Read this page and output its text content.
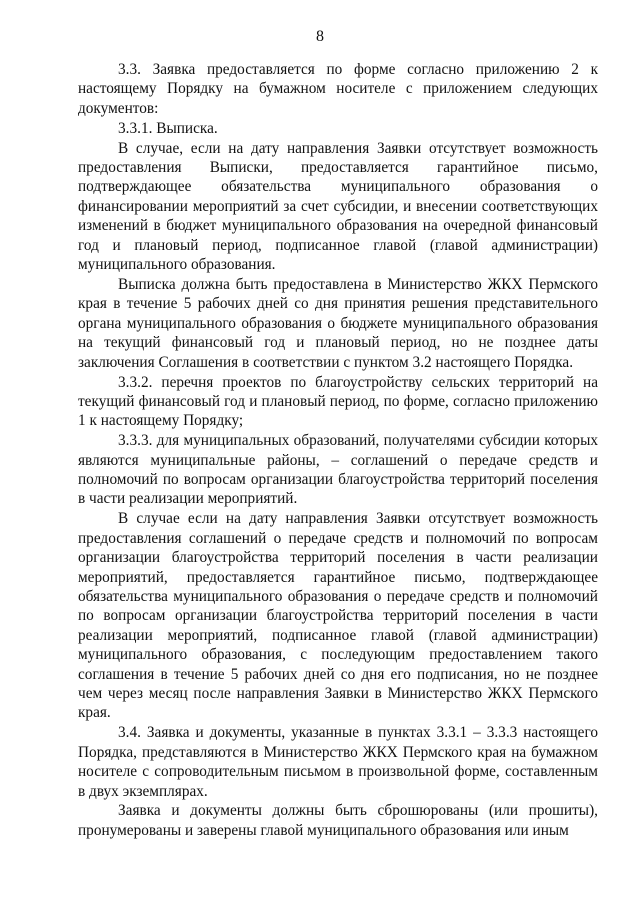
8

3.3. Заявка предоставляется по форме согласно приложению 2 к настоящему Порядку на бумажном носителе с приложением следующих документов:

3.3.1. Выписка.

В случае, если на дату направления Заявки отсутствует возможность предоставления Выписки, предоставляется гарантийное письмо, подтверждающее обязательства муниципального образования о финансировании мероприятий за счет субсидии, и внесении соответствующих изменений в бюджет муниципального образования на очередной финансовый год и плановый период, подписанное главой (главой администрации) муниципального образования.

Выписка должна быть предоставлена в Министерство ЖКХ Пермского края в течение 5 рабочих дней со дня принятия решения представительного органа муниципального образования о бюджете муниципального образования на текущий финансовый год и плановый период, но не позднее даты заключения Соглашения в соответствии с пунктом 3.2 настоящего Порядка.

3.3.2. перечня проектов по благоустройству сельских территорий на текущий финансовый год и плановый период, по форме, согласно приложению 1 к настоящему Порядку;

3.3.3. для муниципальных образований, получателями субсидии которых являются муниципальные районы, – соглашений о передаче средств и полномочий по вопросам организации благоустройства территорий поселения в части реализации мероприятий.

В случае если на дату направления Заявки отсутствует возможность предоставления соглашений о передаче средств и полномочий по вопросам организации благоустройства территорий поселения в части реализации мероприятий, предоставляется гарантийное письмо, подтверждающее обязательства муниципального образования о передаче средств и полномочий по вопросам организации благоустройства территорий поселения в части реализации мероприятий, подписанное главой (главой администрации) муниципального образования, с последующим предоставлением такого соглашения в течение 5 рабочих дней со дня его подписания, но не позднее чем через месяц после направления Заявки в Министерство ЖКХ Пермского края.

3.4. Заявка и документы, указанные в пунктах 3.3.1 – 3.3.3 настоящего Порядка, представляются в Министерство ЖКХ Пермского края на бумажном носителе с сопроводительным письмом в произвольной форме, составленным в двух экземплярах.

Заявка и документы должны быть сброшюрованы (или прошиты), пронумерованы и заверены главой муниципального образования или иным
